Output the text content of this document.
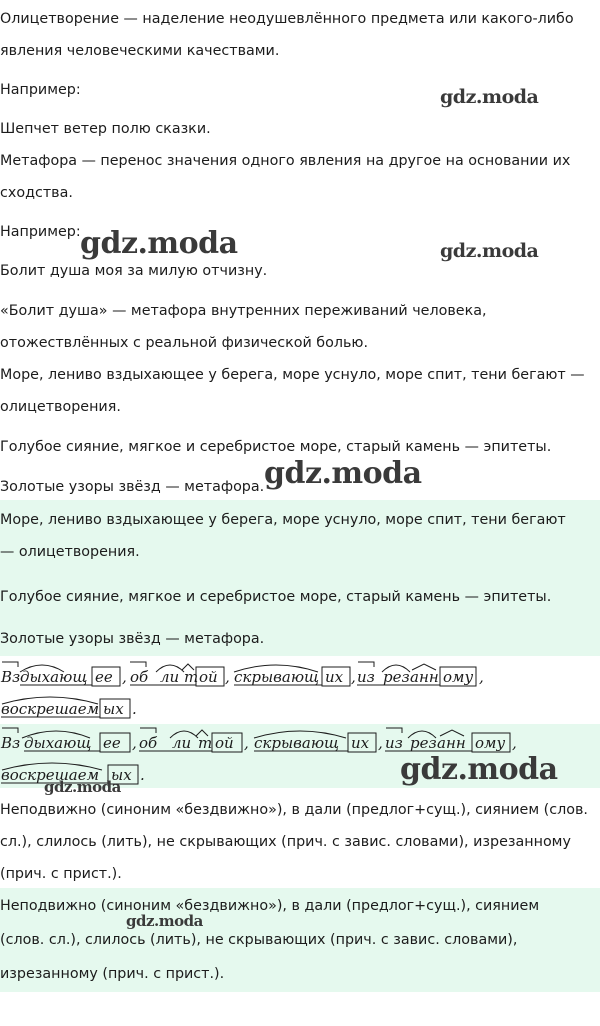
Олицетворение — наделение неодушевлённого предмета или какого-либо

явления человеческими качествами.

Например:

Шепчет ветер полю сказки.

Метафора — перенос значения одного явления на другое на основании их

сходства.

Например:

Болит душа моя за милую отчизну.

«Болит душа» — метафора внутренних переживаний человека,

отожествлённых с реальной физической болью.

Море, лениво вздыхающее у берега, море уснуло, море спит, тени бегают —

олицетворения.

Голубое сияние, мягкое и серебристое море, старый камень — эпитеты.

Золотые узоры звёзд — метафора.

Море, лениво вздыхающее у берега, море уснуло, море спит, тени бегают

— олицетворения.

Голубое сияние, мягкое и серебристое море, старый камень — эпитеты.

Золотые узоры звёзд — метафора.

Вз дыхающ ее , об ли т ой , скрывающ их , из рез анн ому ,
воскрешаем ых .
Вз дыхающ ее , об ли т ой , скрывающ их , из рез анн ому ,
воскрешаем ых .

Неподвижно (синоним «бездвижно»), в дали (предлог+сущ.), сиянием (слов.

сл.), слилось (лить), не скрывающих (прич. с завис. словами), изрезанному

(прич. с прист.).

Неподвижно (синоним «бездвижно»), в дали (предлог+сущ.), сиянием

(слов. сл.), слилось (лить), не скрывающих (прич. с завис. словами),

изрезанному (прич. с прист.).

gdz.moda
gdz.moda	gdz.moda
gdz.moda
gdz.moda
gdz.moda
gdz.moda
